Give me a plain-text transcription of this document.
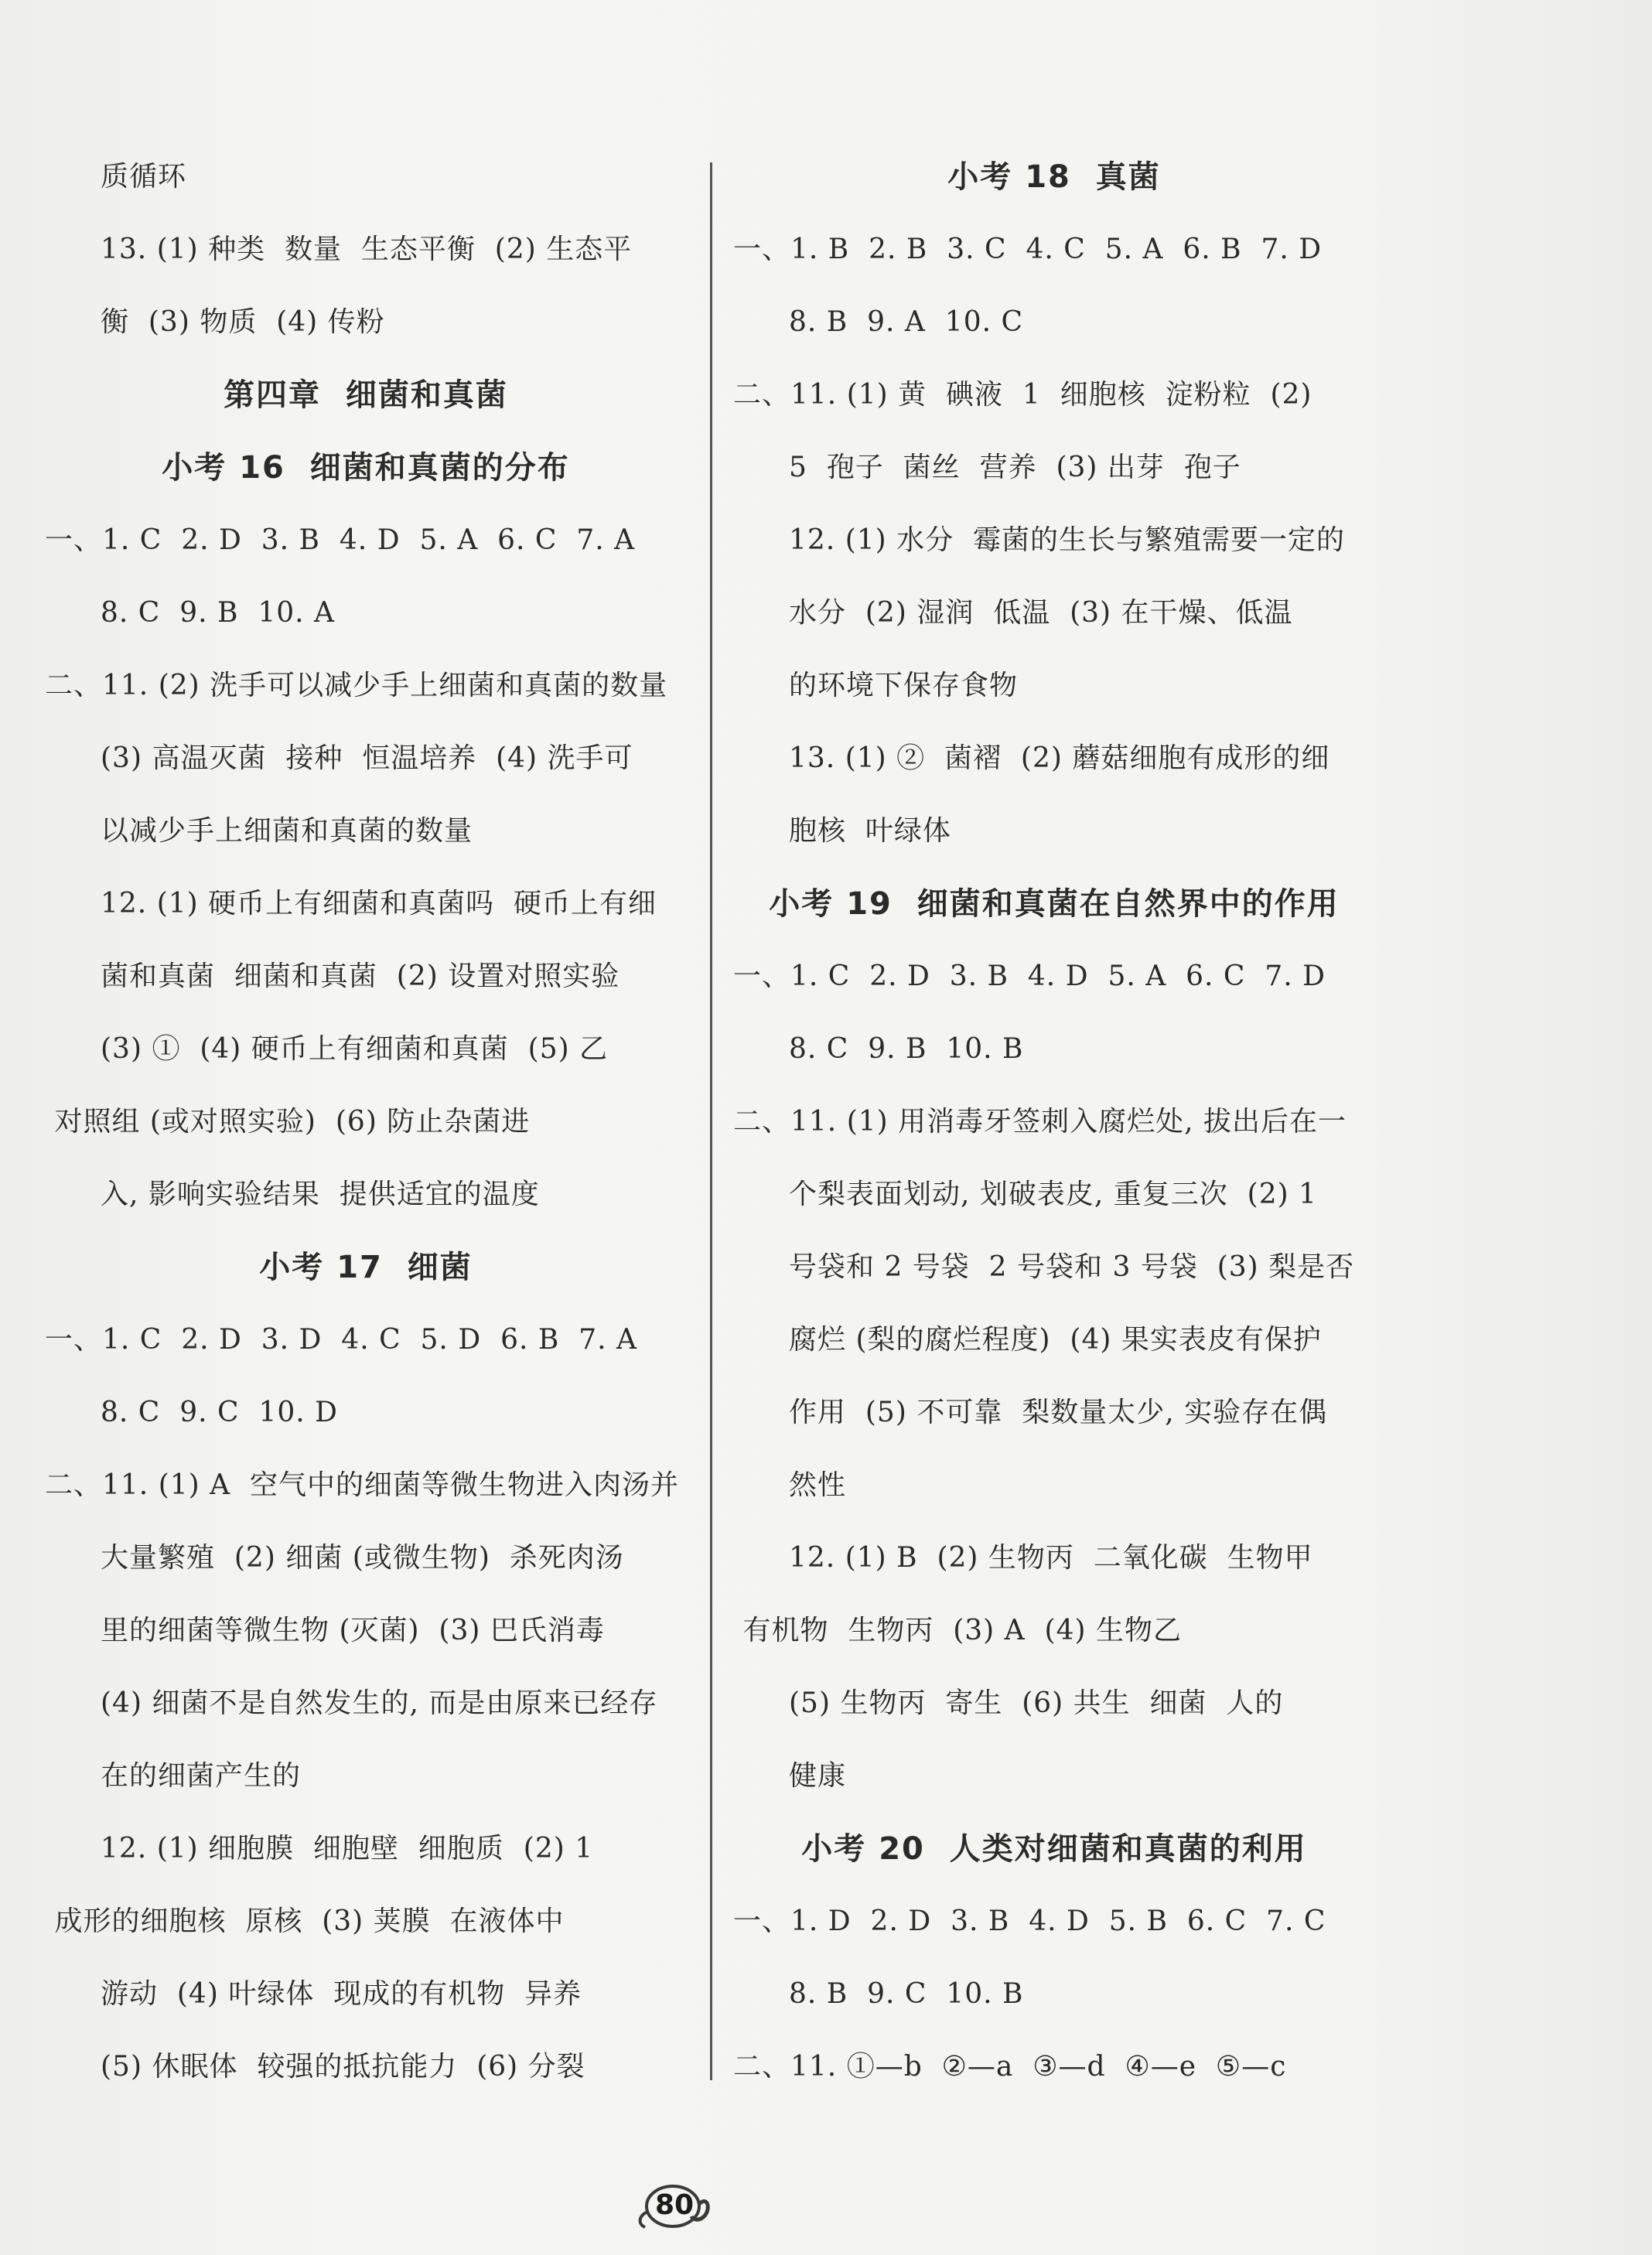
质循环
13. (1) 种类  数量  生态平衡  (2) 生态平
衡  (3) 物质  (4) 传粉
第四章  细菌和真菌
小考 16  细菌和真菌的分布
一、1. C  2. D  3. B  4. D  5. A  6. C  7. A
8. C  9. B  10. A
二、11. (2) 洗手可以减少手上细菌和真菌的数量
(3) 高温灭菌  接种  恒温培养  (4) 洗手可
以减少手上细菌和真菌的数量
12. (1) 硬币上有细菌和真菌吗  硬币上有细
菌和真菌  细菌和真菌  (2) 设置对照实验
(3) ①  (4) 硬币上有细菌和真菌  (5) 乙
对照组 (或对照实验)  (6) 防止杂菌进
入, 影响实验结果  提供适宜的温度
小考 17  细菌
一、1. C  2. D  3. D  4. C  5. D  6. B  7. A
8. C  9. C  10. D
二、11. (1) A  空气中的细菌等微生物进入肉汤并
大量繁殖  (2) 细菌 (或微生物)  杀死肉汤
里的细菌等微生物 (灭菌)  (3) 巴氏消毒
(4) 细菌不是自然发生的, 而是由原来已经存
在的细菌产生的
12. (1) 细胞膜  细胞壁  细胞质  (2) 1
成形的细胞核  原核  (3) 荚膜  在液体中
游动  (4) 叶绿体  现成的有机物  异养
(5) 休眠体  较强的抵抗能力  (6) 分裂
小考 18  真菌
一、1. B  2. B  3. C  4. C  5. A  6. B  7. D
8. B  9. A  10. C
二、11. (1) 黄  碘液  1  细胞核  淀粉粒  (2)
5  孢子  菌丝  营养  (3) 出芽  孢子
12. (1) 水分  霉菌的生长与繁殖需要一定的
水分  (2) 湿润  低温  (3) 在干燥、低温
的环境下保存食物
13. (1) ②  菌褶  (2) 蘑菇细胞有成形的细
胞核  叶绿体
小考 19  细菌和真菌在自然界中的作用
一、1. C  2. D  3. B  4. D  5. A  6. C  7. D
8. C  9. B  10. B
二、11. (1) 用消毒牙签刺入腐烂处, 拔出后在一
个梨表面划动, 划破表皮, 重复三次  (2) 1
号袋和 2 号袋  2 号袋和 3 号袋  (3) 梨是否
腐烂 (梨的腐烂程度)  (4) 果实表皮有保护
作用  (5) 不可靠  梨数量太少, 实验存在偶
然性
12. (1) B  (2) 生物丙  二氧化碳  生物甲
有机物  生物丙  (3) A  (4) 生物乙
(5) 生物丙  寄生  (6) 共生  细菌  人的
健康
小考 20  人类对细菌和真菌的利用
一、1. D  2. D  3. B  4. D  5. B  6. C  7. C
8. B  9. C  10. B
二、11. ①—b  ②—a  ③—d  ④—e  ⑤—c
80
